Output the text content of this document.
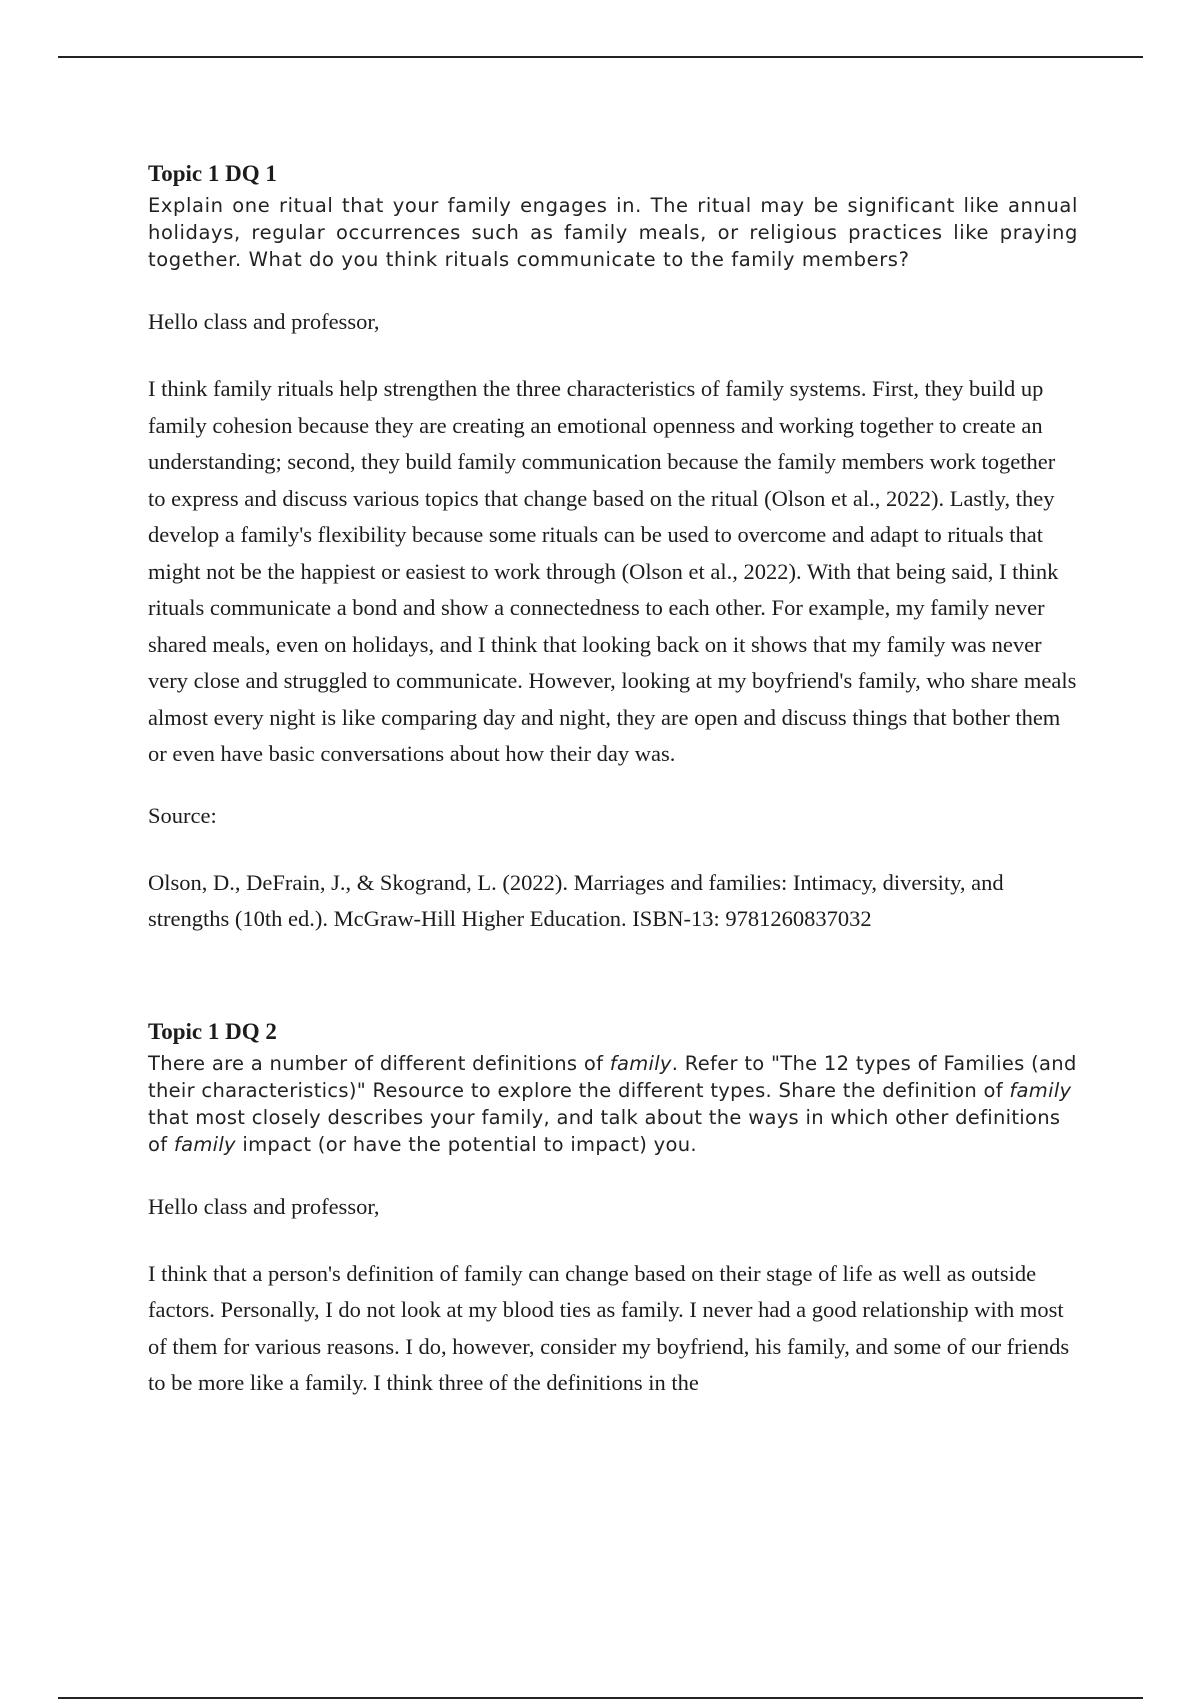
Topic 1 DQ 1

Explain one ritual that your family engages in. The ritual may be significant like annual holidays, regular occurrences such as family meals, or religious practices like praying together. What do you think rituals communicate to the family members?

Hello class and professor,

I think family rituals help strengthen the three characteristics of family systems. First, they build up family cohesion because they are creating an emotional openness and working together to create an understanding; second, they build family communication because the family members work together to express and discuss various topics that change based on the ritual (Olson et al., 2022). Lastly, they develop a family's flexibility because some rituals can be used to overcome and adapt to rituals that might not be the happiest or easiest to work through (Olson et al., 2022). With that being said, I think rituals communicate a bond and show a connectedness to each other. For example, my family never shared meals, even on holidays, and I think that looking back on it shows that my family was never very close and struggled to communicate. However, looking at my boyfriend's family, who share meals almost every night is like comparing day and night, they are open and discuss things that bother them or even have basic conversations about how their day was.

Source:

Olson, D., DeFrain, J., & Skogrand, L. (2022). Marriages and families: Intimacy, diversity, and strengths (10th ed.). McGraw-Hill Higher Education. ISBN-13: 9781260837032

Topic 1 DQ 2

There are a number of different definitions of family. Refer to "The 12 types of Families (and their characteristics)" Resource to explore the different types. Share the definition of family that most closely describes your family, and talk about the ways in which other definitions of family impact (or have the potential to impact) you.

Hello class and professor,

I think that a person's definition of family can change based on their stage of life as well as outside factors. Personally, I do not look at my blood ties as family. I never had a good relationship with most of them for various reasons. I do, however, consider my boyfriend, his family, and some of our friends to be more like a family. I think three of the definitions in the
